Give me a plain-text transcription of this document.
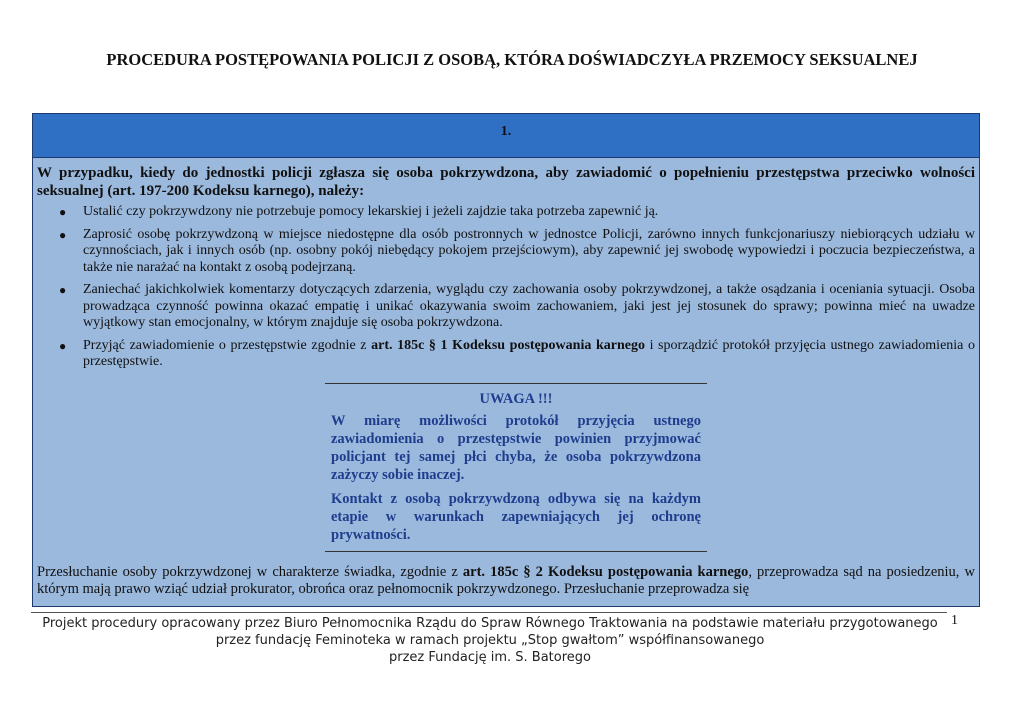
PROCEDURA POSTĘPOWANIA POLICJI Z OSOBĄ, KTÓRA DOŚWIADCZYŁA PRZEMOCY SEKSUALNEJ
1.

W przypadku, kiedy do jednostki policji zgłasza się osoba pokrzywdzona, aby zawiadomić o popełnieniu przestępstwa przeciwko wolności seksualnej (art. 197-200 Kodeksu karnego), należy:

● Ustalić czy pokrzywdzony nie potrzebuje pomocy lekarskiej i jeżeli zajdzie taka potrzeba zapewnić ją.
● Zaprosić osobę pokrzywdzoną w miejsce niedostępne dla osób postronnych w jednostce Policji, zarówno innych funkcjonariuszy niebiorących udziału w czynnościach, jak i innych osób (np. osobny pokój niebędący pokojem przejściowym), aby zapewnić jej swobodę wypowiedzi i poczucia bezpieczeństwa, a także nie narażać na kontakt z osobą podejrzaną.
● Zaniechać jakichkolwiek komentarzy dotyczących zdarzenia, wyglądu czy zachowania osoby pokrzywdzonej, a także osądzania i oceniania sytuacji. Osoba prowadząca czynność powinna okazać empatię i unikać okazywania swoim zachowaniem, jaki jest jej stosunek do sprawy; powinna mieć na uwadze wyjątkowy stan emocjonalny, w którym znajduje się osoba pokrzywdzona.
● Przyjąć zawiadomienie o przestępstwie zgodnie z art. 185c § 1 Kodeksu postępowania karnego i sporządzić protokół przyjęcia ustnego zawiadomienia o przestępstwie.
UWAGA !!!

W miarę możliwości protokół przyjęcia ustnego zawiadomienia o przestępstwie powinien przyjmować policjant tej samej płci chyba, że osoba pokrzywdzona zażyczy sobie inaczej.

Kontakt z osobą pokrzywdzoną odbywa się na każdym etapie w warunkach zapewniających jej ochronę prywatności.

Przesłuchanie osoby pokrzywdzonej w charakterze świadka, zgodnie z art. 185c § 2 Kodeksu postępowania karnego, przeprowadza sąd na posiedzeniu, w którym mają prawo wziąć udział prokurator, obrońca oraz pełnomocnik pokrzywdzonego. Przesłuchanie przeprowadza się

Projekt procedury opracowany przez Biuro Pełnomocnika Rządu do Spraw Równego Traktowania na podstawie materiału przygotowanego
przez fundację Feminoteka w ramach projektu „Stop gwałtom” współfinansowanego
przez Fundację im. S. Batorego
1
